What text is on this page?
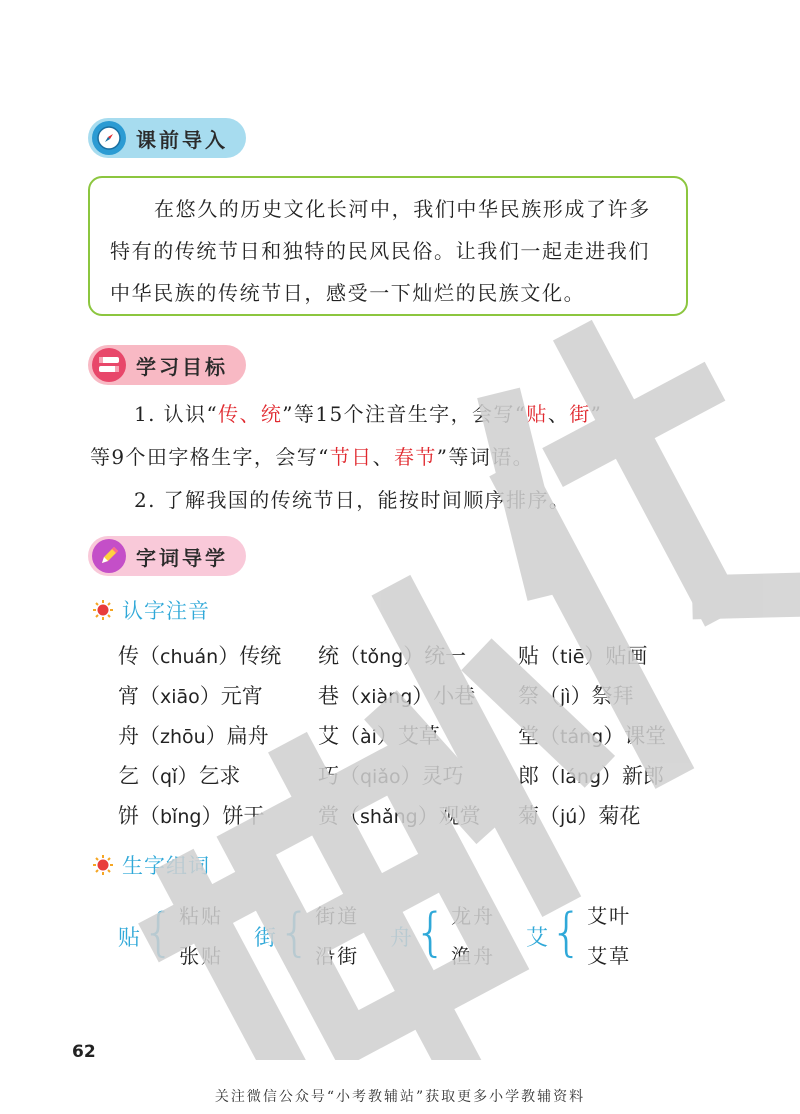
课前导入
在悠久的历史文化长河中，我们中华民族形成了许多
特有的传统节日和独特的民风民俗。让我们一起走进我们
中华民族的传统节日，感受一下灿烂的民族文化。
学习目标
1. 认识“传、统”等15个注音生字，会写“贴、街”
等9个田字格生字，会写“节日、春节”等词语。
2. 了解我国的传统节日，能按时间顺序排序。
字词导学
认字注音
传（chuán）传统	统（tǒng）统一	贴（tiē）贴画
宵（xiāo）元宵	巷（xiàng）小巷	祭（jì）祭拜
舟（zhōu）扁舟	艾（ài）艾草	堂（táng）课堂
乞（qǐ）乞求	巧（qiǎo）灵巧	郎（láng）新郎
饼（bǐng）饼干	赏（shǎng）观赏	菊（jú）菊花
生字组词
贴 { 粘贴
张贴
街 { 街道
沿街
舟 { 龙舟
渔舟
艾 { 艾叶
艾草
62
关注微信公众号“小考教辅站”获取更多小学教辅资料
